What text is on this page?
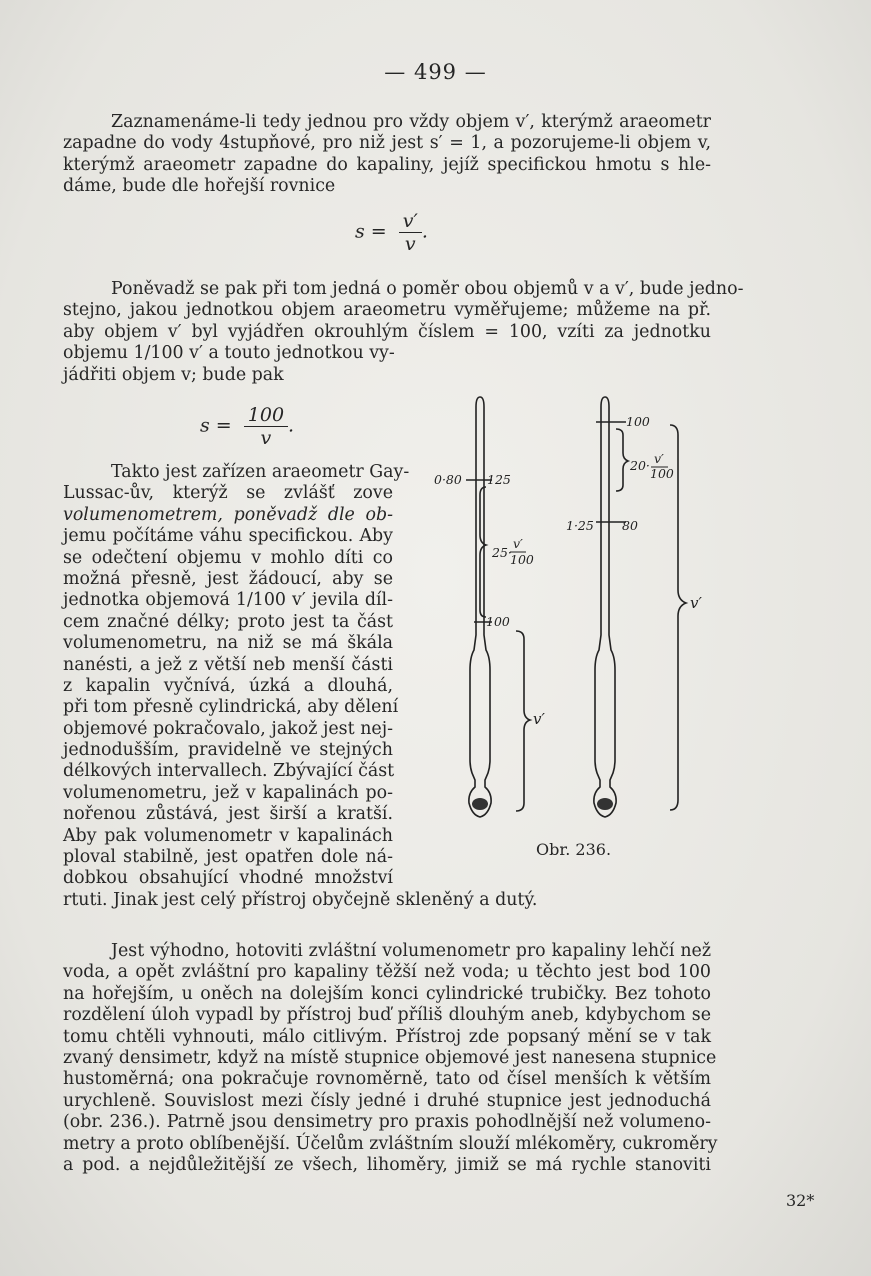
— 499 —
Zaznamenáme-li tedy jednou pro vždy objem v′, kterýmž araeometr
zapadne do vody 4stupňové, pro niž jest s′ = 1, a pozorujeme-li objem v,
kterýmž araeometr zapadne do kapaliny, jejíž specifickou hmotu s hle-
dáme, bude dle hořejší rovnice
$s = \frac{v'}{v}$ .
Poněvadž se pak při tom jedná o poměr obou objemů v a v′, bude jedno-
stejno, jakou jednotkou objem araeometru vyměřujeme; můžeme na př.
aby objem v′ byl vyjádřen okrouhlým číslem = 100, vzíti za jednotku
objemu 1/100 v′ a touto jednotkou vy-
jádřiti objem v; bude pak
$s = \frac{100}{v}$ .
Takto jest zařízen araeometr Gay-
Lussac-ův, kterýž se zvlášť zove
volumenometrem, poněvadž dle ob-
jemu počítáme váhu specifickou. Aby
se odečtení objemu v mohlo díti co
možná přesně, jest žádoucí, aby se
jednotka objemová 1/100 v′ jevila díl-
cem značné délky; proto jest ta část
volumenometru, na niž se má škála
nanésti, a jež z větší neb menší části
z kapalin vyčnívá, úzká a dlouhá,
při tom přesně cylindrická, aby dělení
objemové pokračovalo, jakož jest nej-
jednodušším, pravidelně ve stejných
délkových intervallech. Zbývající část
volumenometru, jež v kapalinách po-
nořenou zůstává, jest širší a kratší.
Aby pak volumenometr v kapalinách
ploval stabilně, jest opatřen dole ná-
dobkou obsahující vhodné množství
rtuti. Jinak jest celý přístroj obyčejně skleněný a dutý.
0·80 125
25·
v′
100
100
v′
100
20· v′
100
1·25 80
v′
Obr. 236.
Jest výhodno, hotoviti zvláštní volumenometr pro kapaliny lehčí než
voda, a opět zvláštní pro kapaliny těžší než voda; u těchto jest bod 100
na hořejším, u oněch na dolejším konci cylindrické trubičky. Bez tohoto
rozdělení úloh vypadl by přístroj buď příliš dlouhým aneb, kdybychom se
tomu chtěli vyhnouti, málo citlivým. Přístroj zde popsaný mění se v tak
zvaný densimetr, když na místě stupnice objemové jest nanesena stupnice
hustoměrná; ona pokračuje rovnoměrně, tato od čísel menších k větším
urychleně. Souvislost mezi čísly jedné i druhé stupnice jest jednoduchá
(obr. 236.). Patrně jsou densimetry pro praxis pohodlnější než volumeno-
metry a proto oblíbenější. Účelům zvláštním slouží mlékoměry, cukroměry
a pod. a nejdůležitější ze všech, lihoměry, jimiž se má rychle stanoviti
32*
